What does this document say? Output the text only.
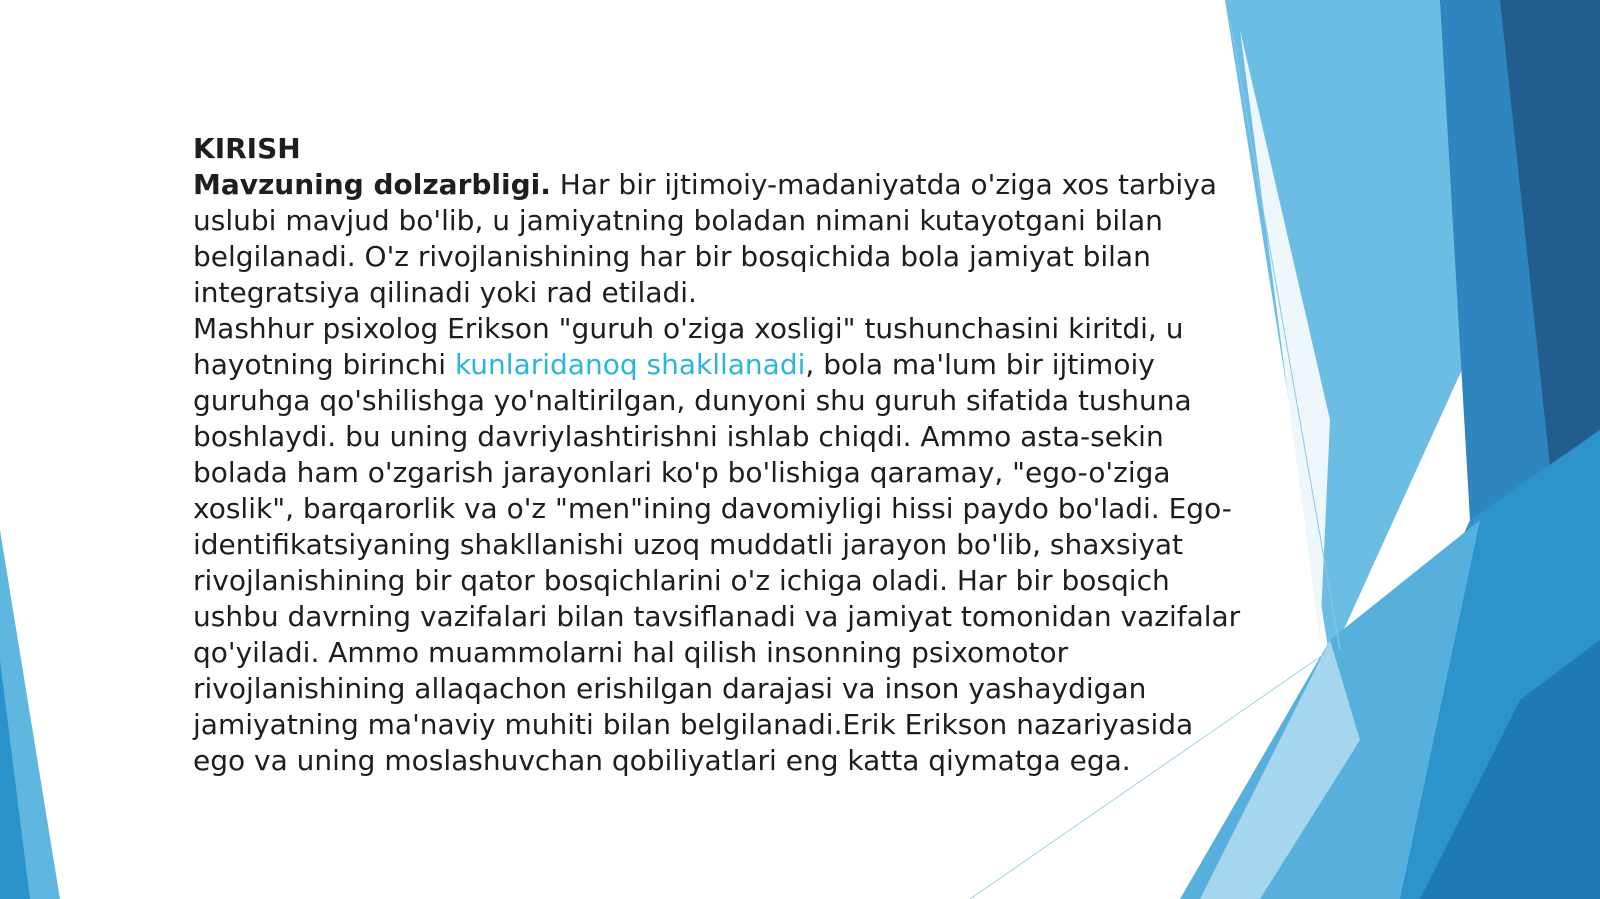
KIRISH

Mavzuning dolzarbligi. Har bir ijtimoiy-madaniyatda o'ziga xos tarbiya uslubi mavjud bo'lib, u jamiyatning boladan nimani kutayotgani bilan belgilanadi. O'z rivojlanishining har bir bosqichida bola jamiyat bilan integratsiya qilinadi yoki rad etiladi.

Mashhur psixolog Erikson "guruh o'ziga xosligi" tushunchasini kiritdi, u hayotning birinchi kunlaridanoq shakllanadi, bola ma'lum bir ijtimoiy guruhga qo'shilishga yo'naltirilgan, dunyoni shu guruh sifatida tushuna boshlaydi. bu uning davriylashtirishni ishlab chiqdi. Ammo asta-sekin bolada ham o'zgarish jarayonlari ko'p bo'lishiga qaramay, "ego-o'ziga xoslik", barqarorlik va o'z "men"ining davomiyligi hissi paydo bo'ladi. Ego-identifikatsiyaning shakllanishi uzoq muddatli jarayon bo'lib, shaxsiyat rivojlanishining bir qator bosqichlarini o'z ichiga oladi. Har bir bosqich ushbu davrning vazifalari bilan tavsiflanadi va jamiyat tomonidan vazifalar qo'yiladi. Ammo muammolarni hal qilish insonning psixomotor rivojlanishining allaqachon erishilgan darajasi va inson yashaydigan jamiyatning ma'naviy muhiti bilan belgilanadi.Erik Erikson nazariyasida ego va uning moslashuvchan qobiliyatlari eng katta qiymatga ega.
